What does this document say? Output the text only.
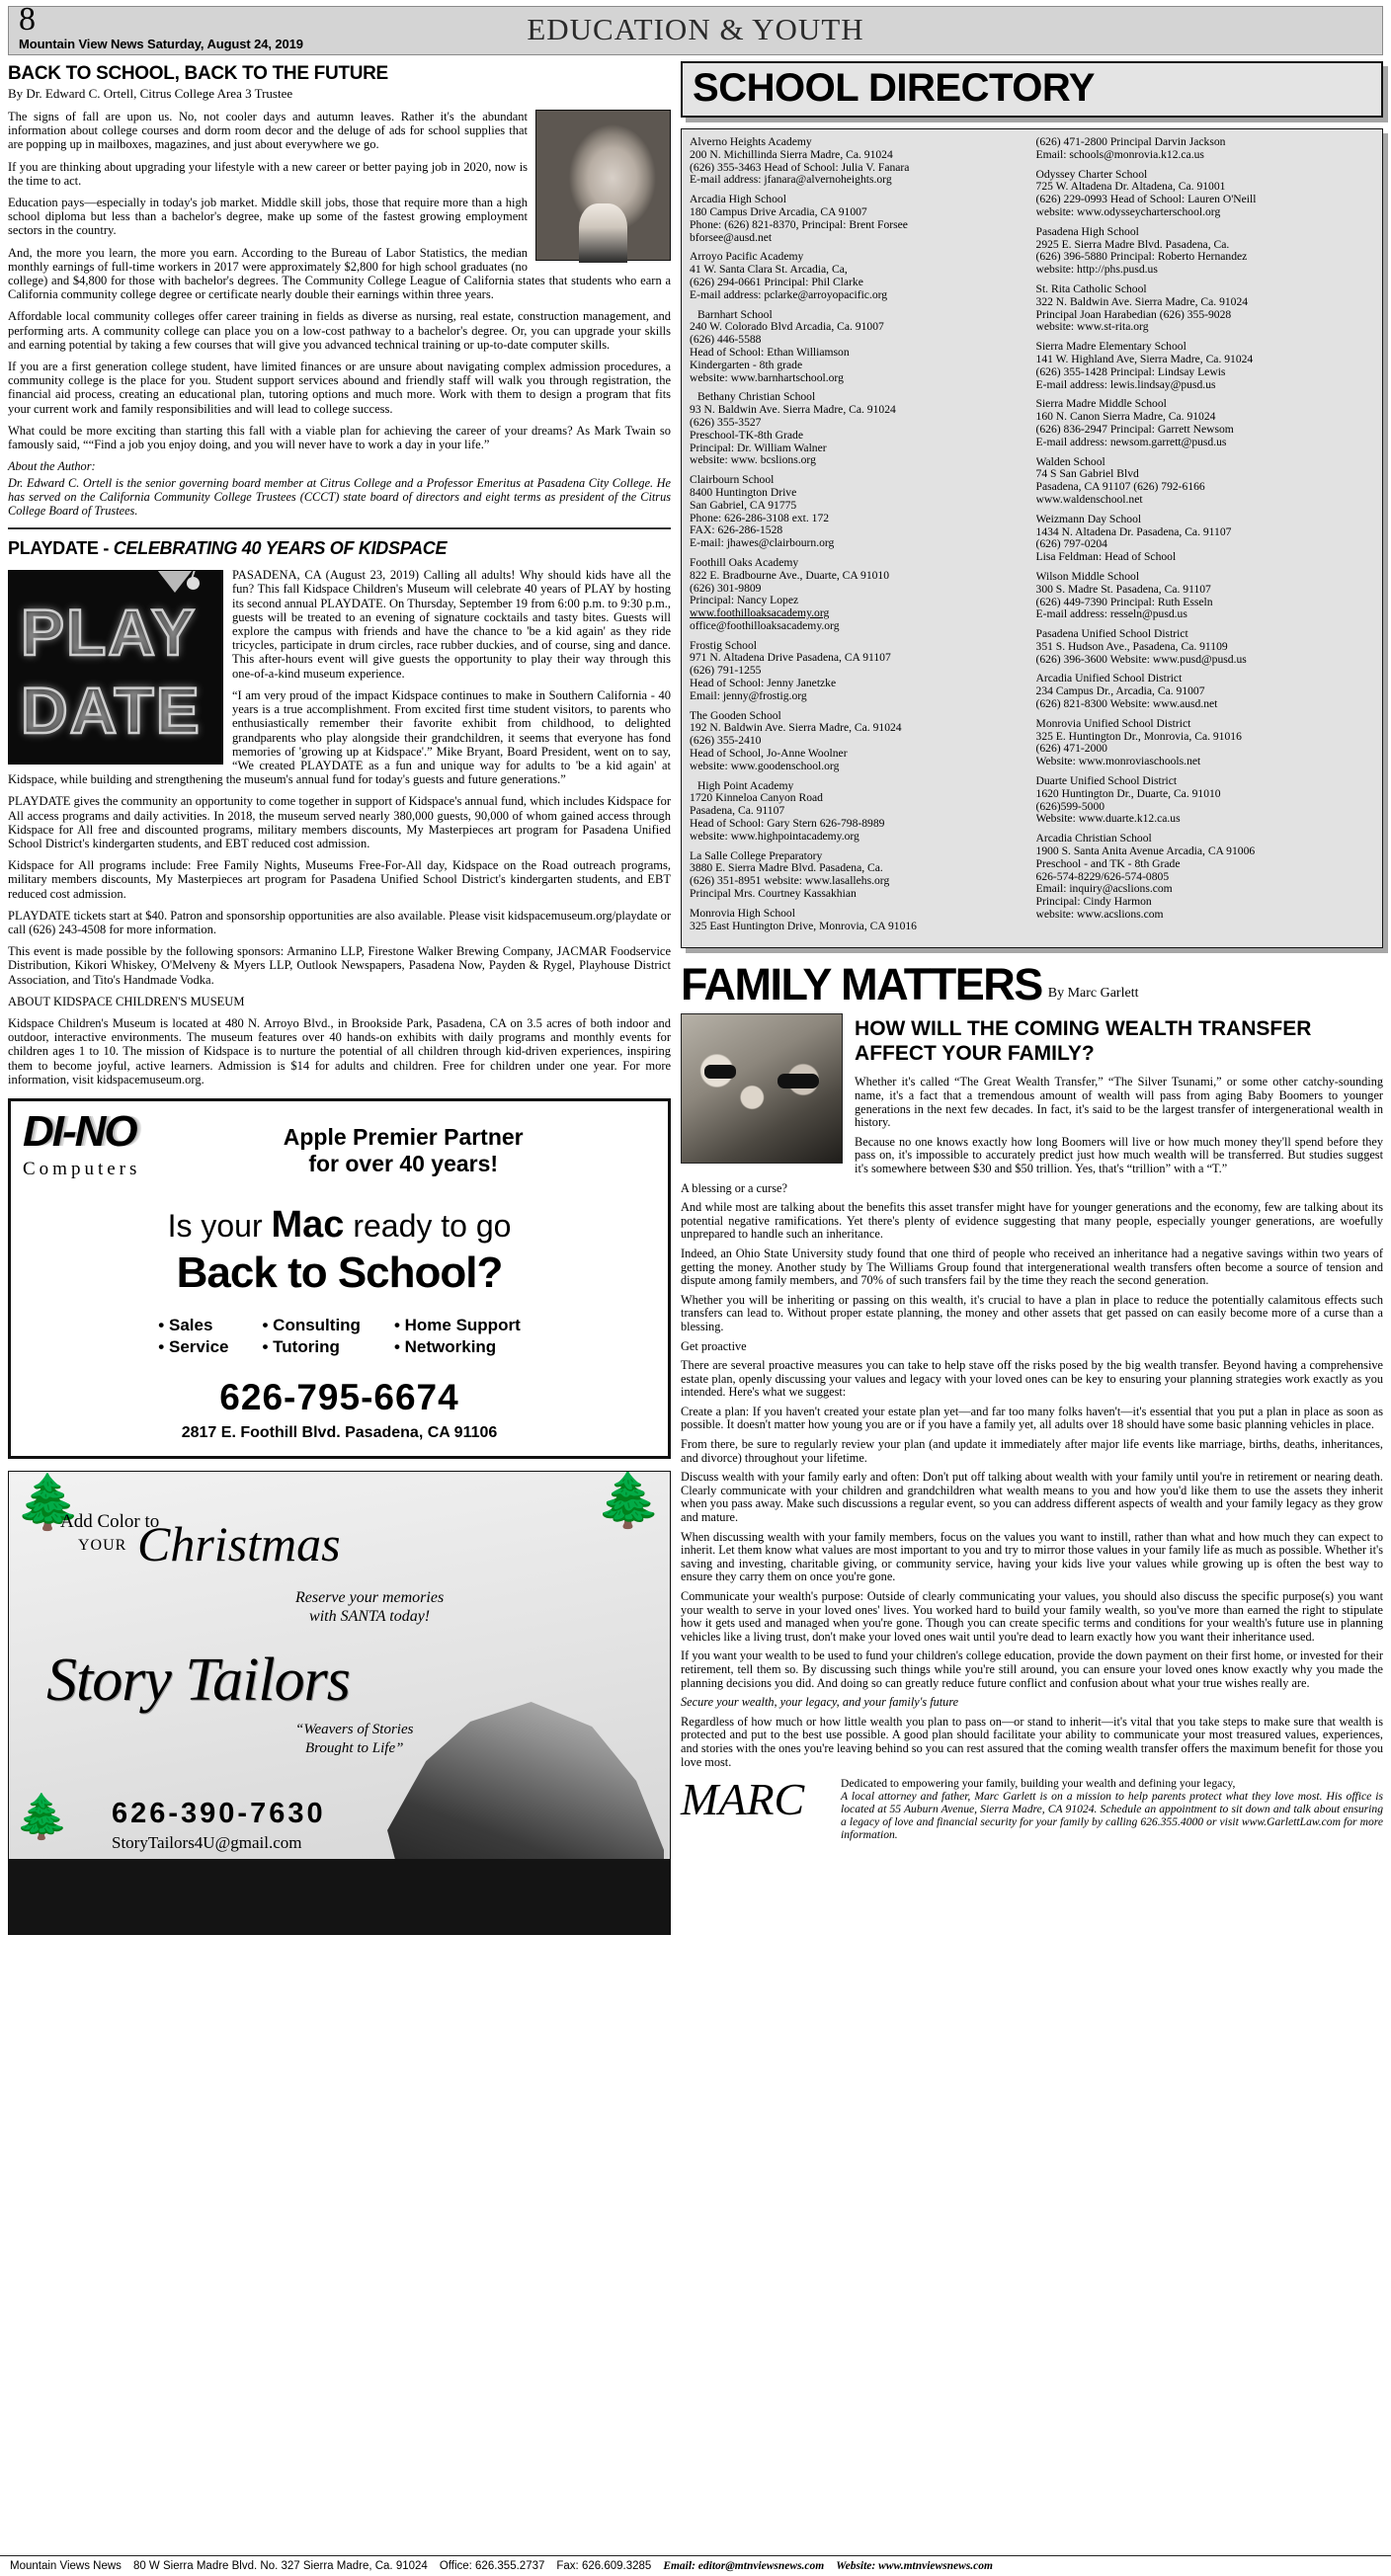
8
Mountain View News Saturday, August 24, 2019	EDUCATION & YOUTH
BACK TO SCHOOL, BACK TO THE FUTURE
By Dr. Edward C. Ortell, Citrus College Area 3 Trustee

The signs of fall are upon us. No, not cooler days and autumn leaves. Rather it's the abundant information about college courses and dorm room decor and the deluge of ads for school supplies that are popping up in mailboxes, magazines, and just about everywhere we go.

If you are thinking about upgrading your lifestyle with a new career or better paying job in 2020, now is the time to act.

Education pays—especially in today's job market. Middle skill jobs, those that require more than a high school diploma but less than a bachelor's degree, make up some of the fastest growing employment sectors in the country.

And, the more you learn, the more you earn. According to the Bureau of Labor Statistics, the median monthly earnings of full-time workers in 2017 were approximately $2,800 for high school graduates (no college) and $4,800 for those with bachelor's degrees. The Community College League of California states that students who earn a California community college degree or certificate nearly double their earnings within three years.

Affordable local community colleges offer career training in fields as diverse as nursing, real estate, construction management, and performing arts. A community college can place you on a low-cost pathway to a bachelor's degree. Or, you can upgrade your skills and earning potential by taking a few courses that will give you advanced technical training or up-to-date computer skills.

If you are a first generation college student, have limited finances or are unsure about navigating complex admission procedures, a community college is the place for you. Student support services abound and friendly staff will walk you through registration, the financial aid process, creating an educational plan, tutoring options and much more. Work with them to design a program that fits your current work and family responsibilities and will lead to college success.

What could be more exciting than starting this fall with a viable plan for achieving the career of your dreams? As Mark Twain so famously said, ““Find a job you enjoy doing, and you will never have to work a day in your life.”

About the Author:

Dr. Edward C. Ortell is the senior governing board member at Citrus College and a Professor Emeritus at Pasadena City College. He has served on the California Community College Trustees (CCCT) state board of directors and eight terms as president of the Citrus College Board of Trustees.

PLAYDATE - CELEBRATING 40 YEARS OF KIDSPACE
PLAY
DATE

PASADENA, CA (August 23, 2019) Calling all adults! Why should kids have all the fun? This fall Kidspace Children's Museum will celebrate 40 years of PLAY by hosting its second annual PLAYDATE. On Thursday, September 19 from 6:00 p.m. to 9:30 p.m., guests will be treated to an evening of signature cocktails and tasty bites. Guests will explore the campus with friends and have the chance to 'be a kid again' as they ride tricycles, participate in drum circles, race rubber duckies, and of course, sing and dance. This after-hours event will give guests the opportunity to play their way through this one-of-a-kind museum experience.

“I am very proud of the impact Kidspace continues to make in Southern California - 40 years is a true accomplishment. From excited first time student visitors, to parents who enthusiastically remember their favorite exhibit from childhood, to delighted grandparents who play alongside their grandchildren, it seems that everyone has fond memories of 'growing up at Kidspace'.” Mike Bryant, Board President, went on to say, “We created PLAYDATE as a fun and unique way for adults to 'be a kid again' at Kidspace, while building and strengthening the museum's annual fund for today's guests and future generations.”

PLAYDATE gives the community an opportunity to come together in support of Kidspace's annual fund, which includes Kidspace for All access programs and daily activities. In 2018, the museum served nearly 380,000 guests, 90,000 of whom gained access through Kidspace for All free and discounted programs, military members discounts, My Masterpieces art program for Pasadena Unified School District's kindergarten students, and EBT reduced cost admission.

Kidspace for All programs include: Free Family Nights, Museums Free-For-All day, Kidspace on the Road outreach programs, military members discounts, My Masterpieces art program for Pasadena Unified School District's kindergarten students, and EBT reduced cost admission.

PLAYDATE tickets start at $40. Patron and sponsorship opportunities are also available. Please visit kidspacemuseum.org/playdate or call (626) 243-4508 for more information.

This event is made possible by the following sponsors: Armanino LLP, Firestone Walker Brewing Company, JACMAR Foodservice Distribution, Kikori Whiskey, O'Melveny & Myers LLP, Outlook Newspapers, Pasadena Now, Payden & Rygel, Playhouse District Association, and Tito's Handmade Vodka.

ABOUT KIDSPACE CHILDREN'S MUSEUM

Kidspace Children's Museum is located at 480 N. Arroyo Blvd., in Brookside Park, Pasadena, CA on 3.5 acres of both indoor and outdoor, interactive environments. The museum features over 40 hands-on exhibits with daily programs and monthly events for children ages 1 to 10. The mission of Kidspace is to nurture the potential of all children through kid-driven experiences, inspiring them to become joyful, active learners. Admission is $14 for adults and children. Free for children under one year. For more information, visit kidspacemuseum.org.

DI-NO
Computers
Apple Premier Partner
for over 40 years!
Is your Mac ready to go
Back to School?
• Sales
• Service
• Consulting
• Tutoring
• Home Support
• Networking
626-795-6674
2817 E. Foothill Blvd. Pasadena, CA 91106
🌲	🌲
🌲
Add Color to
YOUR Christmas
Reserve your memories
with SANTA today!
Story Tailors
“Weavers of Stories
Brought to Life”
626-390-7630
StoryTailors4U@gmail.com
SCHOOL DIRECTORY
Alverno Heights Academy
200 N. Michillinda Sierra Madre, Ca. 91024
(626) 355-3463 Head of School: Julia V. Fanara
E-mail address: jfanara@alvernoheights.org
Arcadia High School
180 Campus Drive Arcadia, CA 91007
Phone: (626) 821-8370, Principal: Brent Forsee
bforsee@ausd.net
Arroyo Pacific Academy
41 W. Santa Clara St. Arcadia, Ca,
(626) 294-0661 Principal: Phil Clarke
E-mail address: pclarke@arroyopacific.org
Barnhart School
240 W. Colorado Blvd Arcadia, Ca. 91007
(626) 446-5588
Head of School: Ethan Williamson
Kindergarten - 8th grade
website: www.barnhartschool.org
Bethany Christian School
93 N. Baldwin Ave. Sierra Madre, Ca. 91024
(626) 355-3527
Preschool-TK-8th Grade
Principal: Dr. William Walner
website: www. bcslions.org
Clairbourn School
8400 Huntington Drive
San Gabriel, CA 91775
Phone: 626-286-3108 ext. 172
FAX: 626-286-1528
E-mail: jhawes@clairbourn.org
Foothill Oaks Academy
822 E. Bradbourne Ave., Duarte, CA 91010
(626) 301-9809
Principal: Nancy Lopez
www.foothilloaksacademy.org
office@foothilloaksacademy.org
Frostig School
971 N. Altadena Drive Pasadena, CA 91107
(626) 791-1255
Head of School: Jenny Janetzke
Email: jenny@frostig.org
The Gooden School
192 N. Baldwin Ave. Sierra Madre, Ca. 91024
(626) 355-2410
Head of School, Jo-Anne Woolner
website: www.goodenschool.org
High Point Academy
1720 Kinneloa Canyon Road
Pasadena, Ca. 91107
Head of School: Gary Stern 626-798-8989
website: www.highpointacademy.org
La Salle College Preparatory
3880 E. Sierra Madre Blvd. Pasadena, Ca.
(626) 351-8951 website: www.lasallehs.org
Principal Mrs. Courtney Kassakhian
Monrovia High School
325 East Huntington Drive, Monrovia, CA 91016
(626) 471-2800 Principal Darvin Jackson
Email: schools@monrovia.k12.ca.us
Odyssey Charter School
725 W. Altadena Dr. Altadena, Ca. 91001
(626) 229-0993 Head of School: Lauren O'Neill
website: www.odysseycharterschool.org
Pasadena High School
2925 E. Sierra Madre Blvd. Pasadena, Ca.
(626) 396-5880 Principal: Roberto Hernandez
website: http://phs.pusd.us
St. Rita Catholic School
322 N. Baldwin Ave. Sierra Madre, Ca. 91024
Principal Joan Harabedian (626) 355-9028
website: www.st-rita.org
Sierra Madre Elementary School
141 W. Highland Ave, Sierra Madre, Ca. 91024
(626) 355-1428 Principal: Lindsay Lewis
E-mail address: lewis.lindsay@pusd.us
Sierra Madre Middle School
160 N. Canon Sierra Madre, Ca. 91024
(626) 836-2947 Principal: Garrett Newsom
E-mail address: newsom.garrett@pusd.us
Walden School
74 S San Gabriel Blvd
Pasadena, CA 91107 (626) 792-6166
www.waldenschool.net
Weizmann Day School
1434 N. Altadena Dr. Pasadena, Ca. 91107
(626) 797-0204
Lisa Feldman: Head of School
Wilson Middle School
300 S. Madre St. Pasadena, Ca. 91107
(626) 449-7390 Principal: Ruth Esseln
E-mail address: resseln@pusd.us
Pasadena Unified School District
351 S. Hudson Ave., Pasadena, Ca. 91109
(626) 396-3600 Website: www.pusd@pusd.us
Arcadia Unified School District
234 Campus Dr., Arcadia, Ca. 91007
(626) 821-8300 Website: www.ausd.net
Monrovia Unified School District
325 E. Huntington Dr., Monrovia, Ca. 91016
(626) 471-2000
Website: www.monroviaschools.net
Duarte Unified School District
1620 Huntington Dr., Duarte, Ca. 91010
(626)599-5000
Website: www.duarte.k12.ca.us
Arcadia Christian School
1900 S. Santa Anita Avenue Arcadia, CA 91006
Preschool - and TK - 8th Grade
626-574-8229/626-574-0805
Email: inquiry@acslions.com
Principal: Cindy Harmon
website: www.acslions.com
FAMILY MATTERS By Marc Garlett
HOW WILL THE COMING WEALTH TRANSFER AFFECT YOUR FAMILY?

Whether it's called “The Great Wealth Transfer,” “The Silver Tsunami,” or some other catchy-sounding name, it's a fact that a tremendous amount of wealth will pass from aging Baby Boomers to younger generations in the next few decades. In fact, it's said to be the largest transfer of intergenerational wealth in history.

Because no one knows exactly how long Boomers will live or how much money they'll spend before they pass on, it's impossible to accurately predict just how much wealth will be transferred. But studies suggest it's somewhere between $30 and $50 trillion. Yes, that's “trillion” with a “T.”

A blessing or a curse?

And while most are talking about the benefits this asset transfer might have for younger generations and the economy, few are talking about its potential negative ramifications. Yet there's plenty of evidence suggesting that many people, especially younger generations, are woefully unprepared to handle such an inheritance.

Indeed, an Ohio State University study found that one third of people who received an inheritance had a negative savings within two years of getting the money. Another study by The Williams Group found that intergenerational wealth transfers often become a source of tension and dispute among family members, and 70% of such transfers fail by the time they reach the second generation.

Whether you will be inheriting or passing on this wealth, it's crucial to have a plan in place to reduce the potentially calamitous effects such transfers can lead to. Without proper estate planning, the money and other assets that get passed on can easily become more of a curse than a blessing.

Get proactive

There are several proactive measures you can take to help stave off the risks posed by the big wealth transfer. Beyond having a comprehensive estate plan, openly discussing your values and legacy with your loved ones can be key to ensuring your planning strategies work exactly as you intended. Here's what we suggest:

Create a plan: If you haven't created your estate plan yet—and far too many folks haven't—it's essential that you put a plan in place as soon as possible. It doesn't matter how young you are or if you have a family yet, all adults over 18 should have some basic planning vehicles in place.

From there, be sure to regularly review your plan (and update it immediately after major life events like marriage, births, deaths, inheritances, and divorce) throughout your lifetime.

Discuss wealth with your family early and often: Don't put off talking about wealth with your family until you're in retirement or nearing death. Clearly communicate with your children and grandchildren what wealth means to you and how you'd like them to use the assets they inherit when you pass away. Make such discussions a regular event, so you can address different aspects of wealth and your family legacy as they grow and mature.

When discussing wealth with your family members, focus on the values you want to instill, rather than what and how much they can expect to inherit. Let them know what values are most important to you and try to mirror those values in your family life as much as possible. Whether it's saving and investing, charitable giving, or community service, having your kids live your values while growing up is often the best way to ensure they carry them on once you're gone.

Communicate your wealth's purpose: Outside of clearly communicating your values, you should also discuss the specific purpose(s) you want your wealth to serve in your loved ones' lives. You worked hard to build your family wealth, so you've more than earned the right to stipulate how it gets used and managed when you're gone. Though you can create specific terms and conditions for your wealth's future use in planning vehicles like a living trust, don't make your loved ones wait until you're dead to learn exactly how you want their inheritance used.

If you want your wealth to be used to fund your children's college education, provide the down payment on their first home, or invested for their retirement, tell them so. By discussing such things while you're still around, you can ensure your loved ones know exactly why you made the planning decisions you did. And doing so can greatly reduce future conflict and confusion about what your true wishes really are.

Secure your wealth, your legacy, and your family's future

Regardless of how much or how little wealth you plan to pass on—or stand to inherit—it's vital that you take steps to make sure that wealth is protected and put to the best use possible. A good plan should facilitate your ability to communicate your most treasured values, experiences, and stories with the ones you're leaving behind so you can rest assured that the coming wealth transfer offers the maximum benefit for those you love most.

MARC	Dedicated to empowering your family, building your wealth and defining your legacy,
A local attorney and father, Marc Garlett is on a mission to help parents protect what they love most. His office is located at 55 Auburn Avenue, Sierra Madre, CA 91024. Schedule an appointment to sit down and talk about ensuring a legacy of love and financial security for your family by calling 626.355.4000 or visit www.GarlettLaw.com for more information.
Mountain Views News 80 W Sierra Madre Blvd. No. 327 Sierra Madre, Ca. 91024 Office: 626.355.2737 Fax: 626.609.3285 Email: editor@mtnviewsnews.com Website: www.mtnviewsnews.com
